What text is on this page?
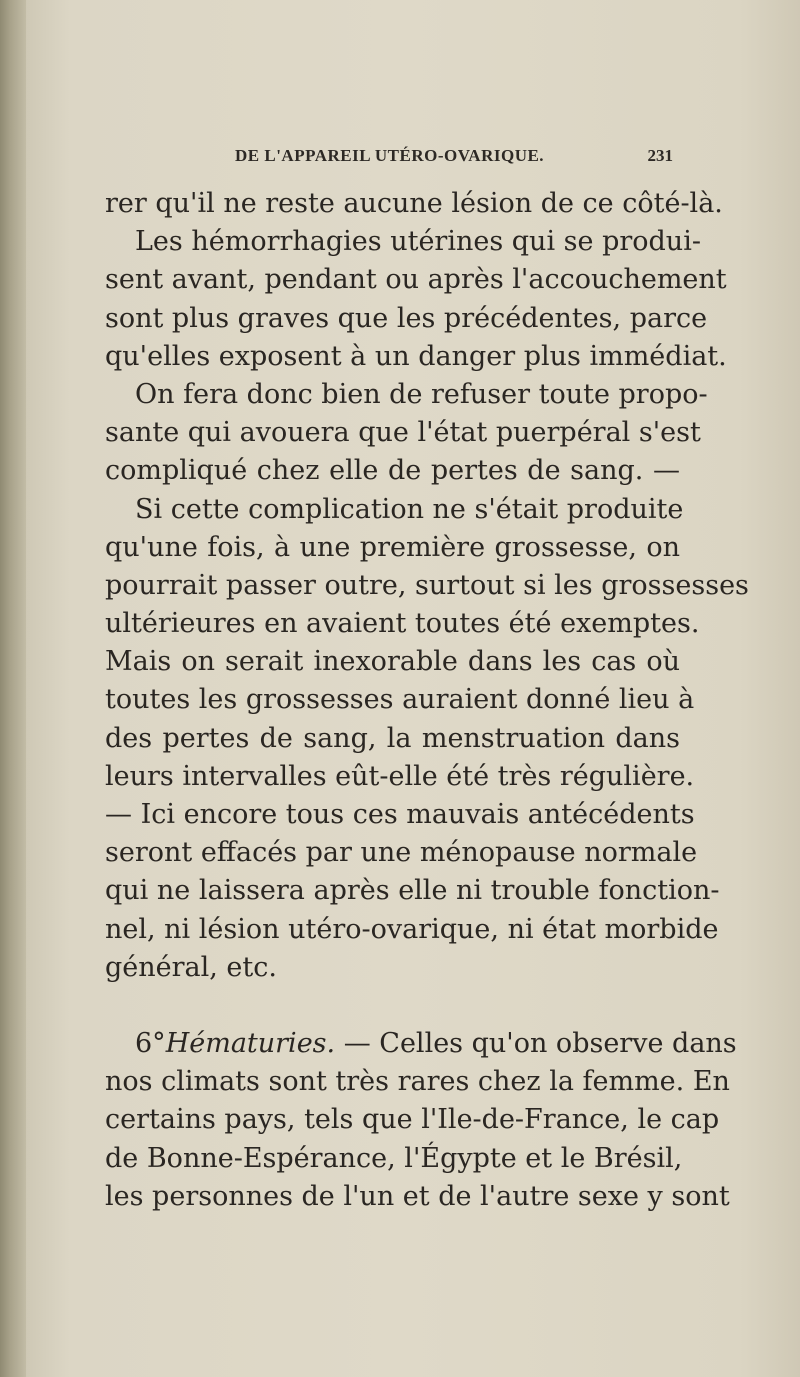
DE L'APPAREIL UTÉRO-OVARIQUE.	231
rer qu'il ne reste aucune lésion de ce côté-là.
Les hémorrhagies utérines qui se produi-
sent avant, pendant ou après l'accouchement
sont plus graves que les précédentes, parce
qu'elles exposent à un danger plus immédiat.
On fera donc bien de refuser toute propo-
sante qui avouera que l'état puerpéral s'est
compliqué chez elle de pertes de sang. —
Si cette complication ne s'était produite
qu'une fois, à une première grossesse, on
pourrait passer outre, surtout si les grossesses
ultérieures en avaient toutes été exemptes.
Mais on serait inexorable dans les cas où
toutes les grossesses auraient donné lieu à
des pertes de sang, la menstruation dans
leurs intervalles eût-elle été très régulière.
— Ici encore tous ces mauvais antécédents
seront effacés par une ménopause normale
qui ne laissera après elle ni trouble fonction-
nel, ni lésion utéro-ovarique, ni état morbide
général, etc.
6°Hématuries. — Celles qu'on observe dans
nos climats sont très rares chez la femme. En
certains pays, tels que l'Ile-de-France, le cap
de Bonne-Espérance, l'Égypte et le Brésil,
les personnes de l'un et de l'autre sexe y sont
